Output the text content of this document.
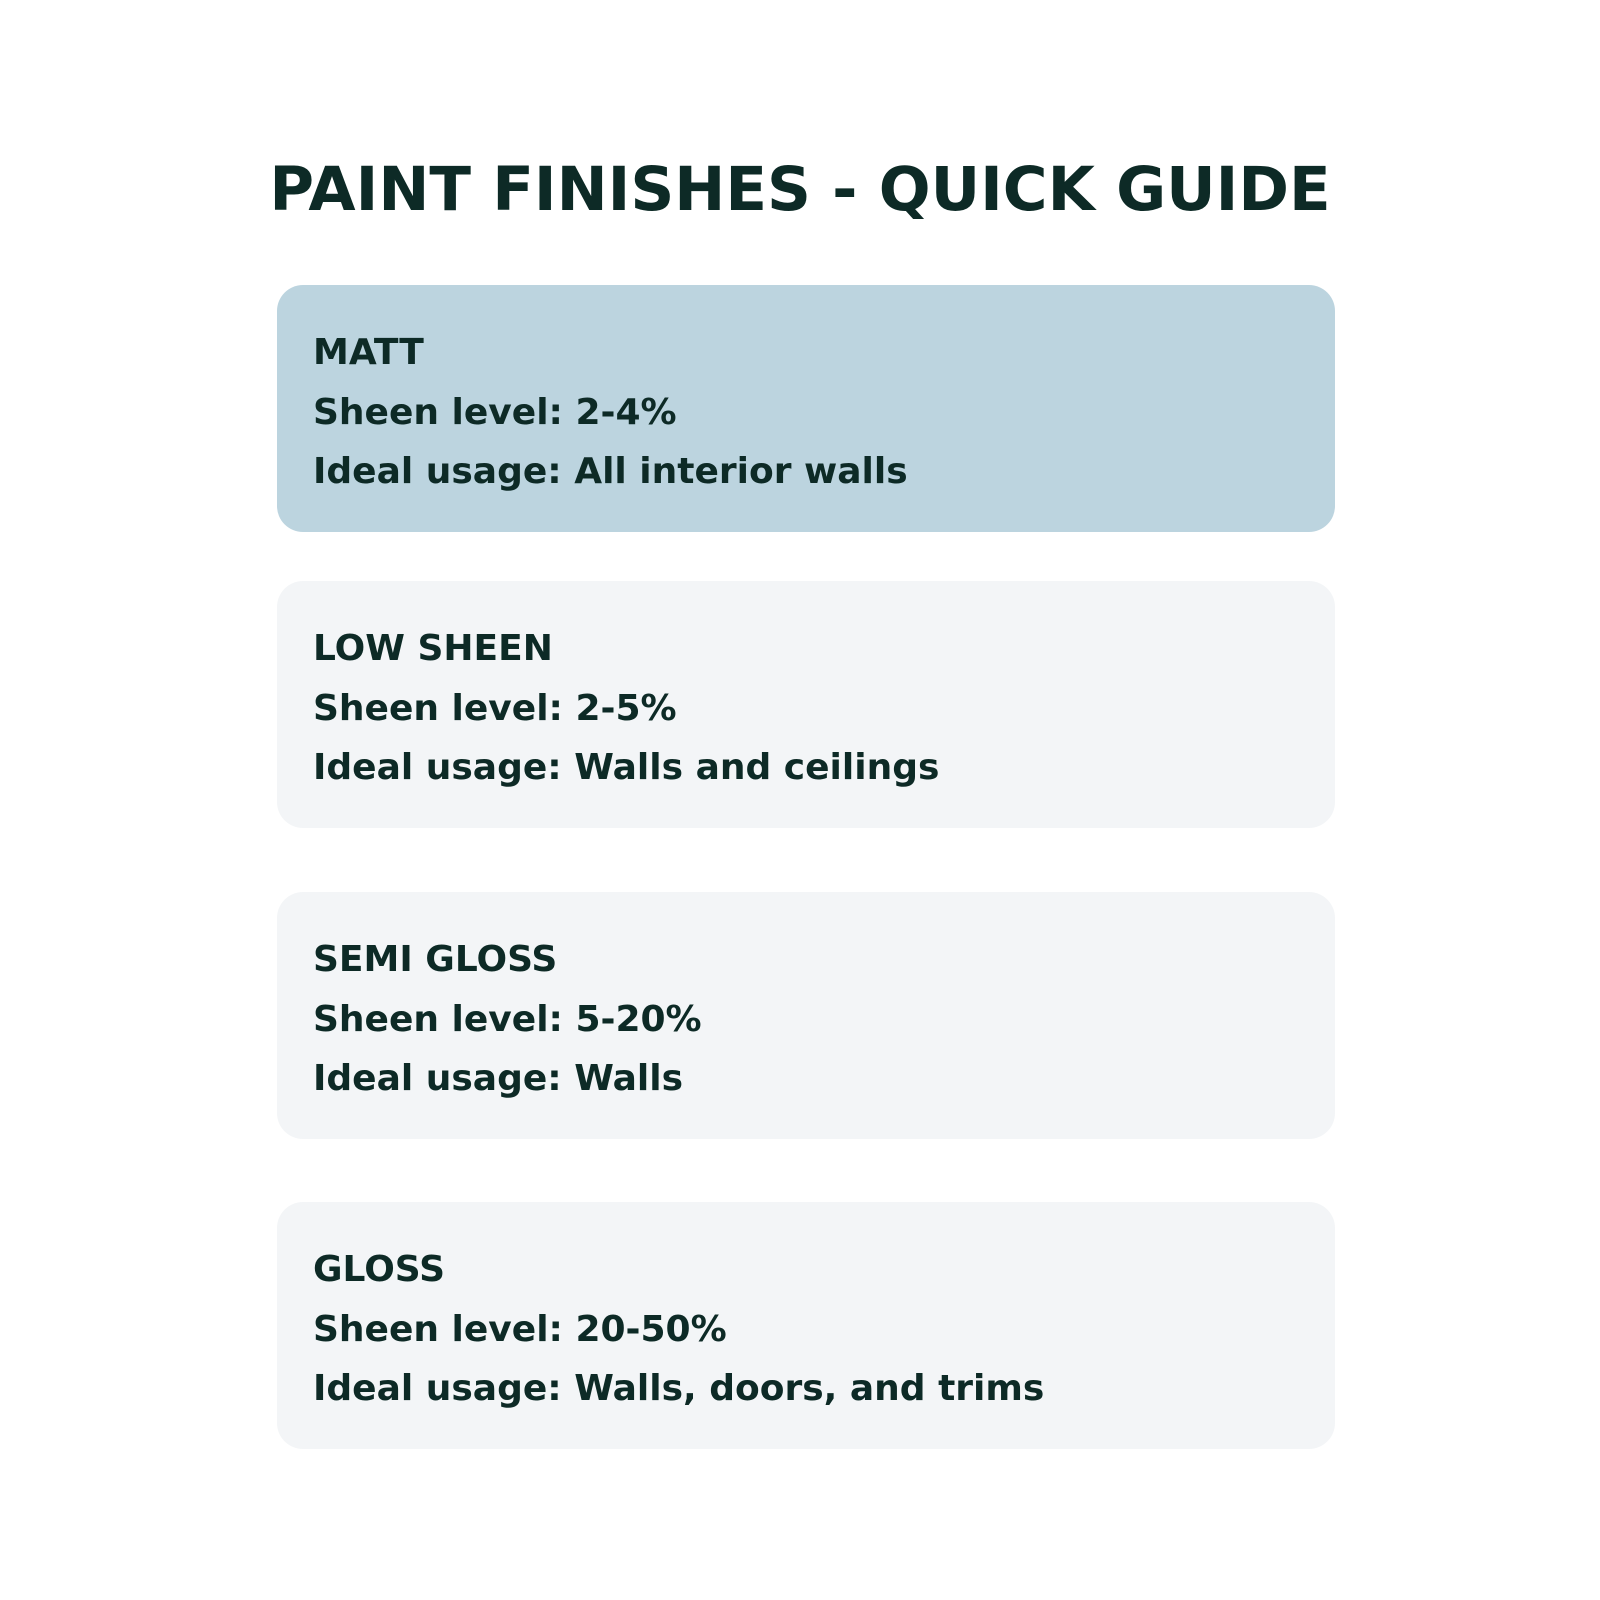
PAINT FINISHES - QUICK GUIDE
MATT
Sheen level: 2-4%
Ideal usage: All interior walls
LOW SHEEN
Sheen level: 2-5%
Ideal usage: Walls and ceilings
SEMI GLOSS
Sheen level: 5-20%
Ideal usage: Walls
GLOSS
Sheen level: 20-50%
Ideal usage: Walls, doors, and trims
